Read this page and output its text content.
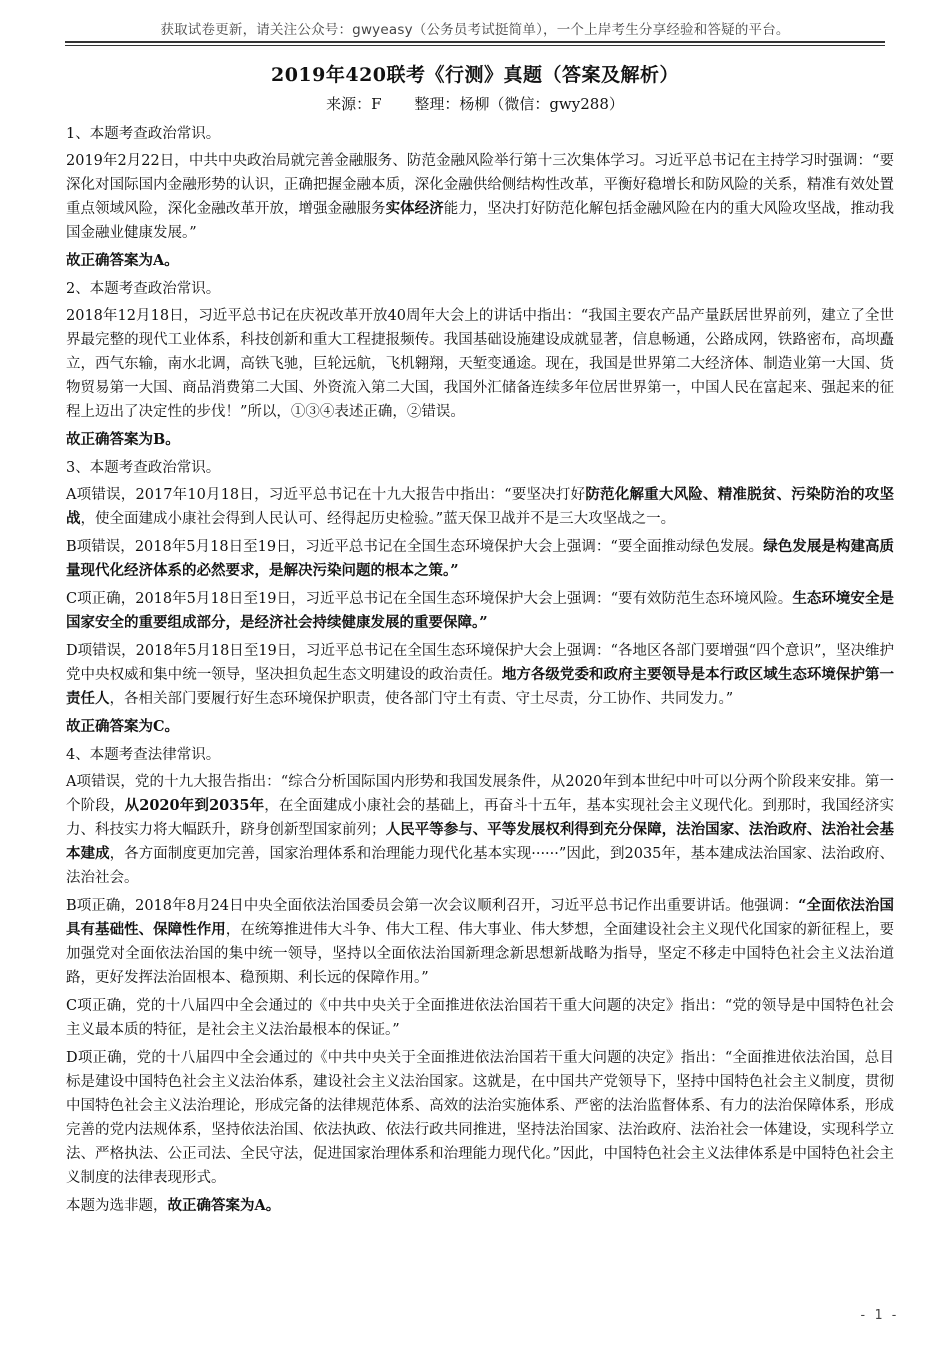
获取试卷更新，请关注公众号：gwyeasy（公务员考试挺简单），一个上岸考生分享经验和答疑的平台。
2019年420联考《行测》真题（答案及解析）
来源：F 整理：杨柳（微信：gwy288）

1、本题考查政治常识。

2019年2月22日，中共中央政治局就完善金融服务、防范金融风险举行第十三次集体学习。习近平总书记在主持学习时强调：“要深化对国际国内金融形势的认识，正确把握金融本质，深化金融供给侧结构性改革，平衡好稳增长和防风险的关系，精准有效处置重点领域风险，深化金融改革开放，增强金融服务实体经济能力，坚决打好防范化解包括金融风险在内的重大风险攻坚战，推动我国金融业健康发展。”

故正确答案为A。

2、本题考查政治常识。

2018年12月18日，习近平总书记在庆祝改革开放40周年大会上的讲话中指出：“我国主要农产品产量跃居世界前列，建立了全世界最完整的现代工业体系，科技创新和重大工程捷报频传。我国基础设施建设成就显著，信息畅通，公路成网，铁路密布，高坝矗立，西气东输，南水北调，高铁飞驰，巨轮远航，飞机翱翔，天堑变通途。现在，我国是世界第二大经济体、制造业第一大国、货物贸易第一大国、商品消费第二大国、外资流入第二大国，我国外汇储备连续多年位居世界第一，中国人民在富起来、强起来的征程上迈出了决定性的步伐！”所以，①③④表述正确，②错误。

故正确答案为B。

3、本题考查政治常识。

A项错误，2017年10月18日，习近平总书记在十九大报告中指出：“要坚决打好防范化解重大风险、精准脱贫、污染防治的攻坚战，使全面建成小康社会得到人民认可、经得起历史检验。”蓝天保卫战并不是三大攻坚战之一。

B项错误，2018年5月18日至19日，习近平总书记在全国生态环境保护大会上强调：“要全面推动绿色发展。绿色发展是构建高质量现代化经济体系的必然要求，是解决污染问题的根本之策。”

C项正确，2018年5月18日至19日，习近平总书记在全国生态环境保护大会上强调：“要有效防范生态环境风险。生态环境安全是国家安全的重要组成部分，是经济社会持续健康发展的重要保障。”

D项错误，2018年5月18日至19日，习近平总书记在全国生态环境保护大会上强调：“各地区各部门要增强“四个意识”，坚决维护党中央权威和集中统一领导，坚决担负起生态文明建设的政治责任。地方各级党委和政府主要领导是本行政区域生态环境保护第一责任人，各相关部门要履行好生态环境保护职责，使各部门守土有责、守土尽责，分工协作、共同发力。”

故正确答案为C。

4、本题考查法律常识。

A项错误，党的十九大报告指出：“综合分析国际国内形势和我国发展条件，从2020年到本世纪中叶可以分两个阶段来安排。第一个阶段，从2020年到2035年，在全面建成小康社会的基础上，再奋斗十五年，基本实现社会主义现代化。到那时，我国经济实力、科技实力将大幅跃升，跻身创新型国家前列；人民平等参与、平等发展权利得到充分保障，法治国家、法治政府、法治社会基本建成，各方面制度更加完善，国家治理体系和治理能力现代化基本实现······”因此，到2035年，基本建成法治国家、法治政府、法治社会。

B项正确，2018年8月24日中央全面依法治国委员会第一次会议顺利召开，习近平总书记作出重要讲话。他强调：“全面依法治国具有基础性、保障性作用，在统筹推进伟大斗争、伟大工程、伟大事业、伟大梦想，全面建设社会主义现代化国家的新征程上，要加强党对全面依法治国的集中统一领导，坚持以全面依法治国新理念新思想新战略为指导，坚定不移走中国特色社会主义法治道路，更好发挥法治固根本、稳预期、利长远的保障作用。”

C项正确，党的十八届四中全会通过的《中共中央关于全面推进依法治国若干重大问题的决定》指出：“党的领导是中国特色社会主义最本质的特征，是社会主义法治最根本的保证。”

D项正确，党的十八届四中全会通过的《中共中央关于全面推进依法治国若干重大问题的决定》指出：“全面推进依法治国，总目标是建设中国特色社会主义法治体系，建设社会主义法治国家。这就是，在中国共产党领导下，坚持中国特色社会主义制度，贯彻中国特色社会主义法治理论，形成完备的法律规范体系、高效的法治实施体系、严密的法治监督体系、有力的法治保障体系，形成完善的党内法规体系，坚持依法治国、依法执政、依法行政共同推进，坚持法治国家、法治政府、法治社会一体建设，实现科学立法、严格执法、公正司法、全民守法，促进国家治理体系和治理能力现代化。”因此，中国特色社会主义法律体系是中国特色社会主义制度的法律表现形式。

本题为选非题，故正确答案为A。

- 1 -
